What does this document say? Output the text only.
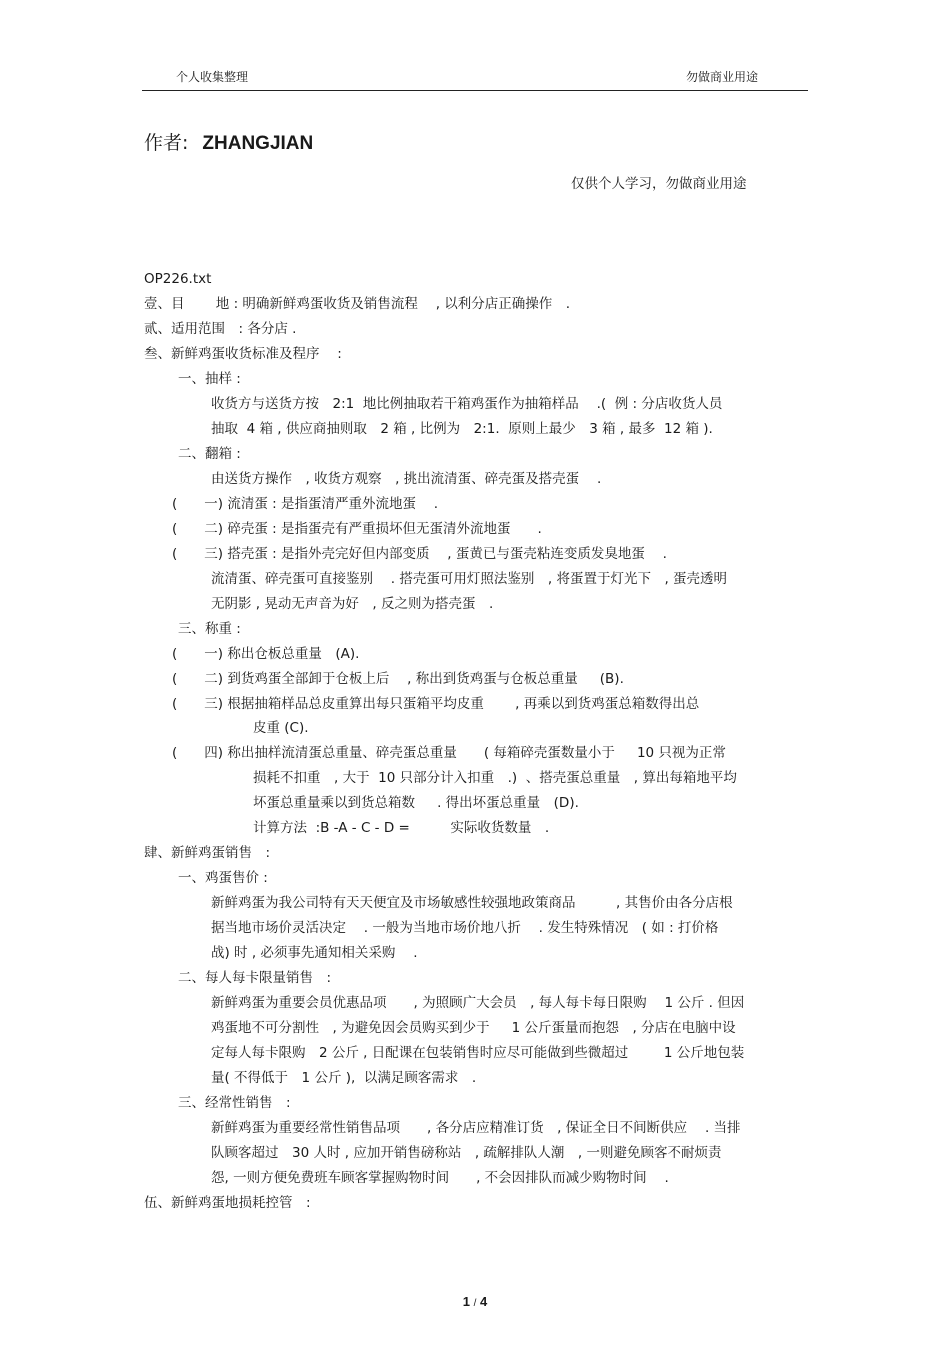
个人收集整理	勿做商业用途
作者: ZHANGJIAN
仅供个人学习，勿做商业用途
OP226.txt
壹、目　　 地 : 明确新鲜鸡蛋收货及销售流程　 , 以利分店正确操作　.
贰、适用范围　: 各分店 .
叁、新鲜鸡蛋收货标准及程序　 :
一、抽样 :
收货方与送货方按　2:1  地比例抽取若干箱鸡蛋作为抽箱样品　 .(  例 : 分店收货人员
抽取  4 箱 , 供应商抽则取　2 箱 , 比例为　2:1.  原则上最少　3 箱 , 最多  12 箱 ).
二、翻箱 :
由送货方操作　, 收货方观察　, 挑出流清蛋、碎壳蛋及搭壳蛋　 .
(　　一) 流清蛋 : 是指蛋清严重外流地蛋　 .
(　　二) 碎壳蛋 : 是指蛋壳有严重损坏但无蛋清外流地蛋　　.
(　　三) 搭壳蛋 : 是指外壳完好但内部变质　 , 蛋黄已与蛋壳粘连变质发臭地蛋　 .
流清蛋、碎壳蛋可直接鉴别　 . 搭壳蛋可用灯照法鉴别　, 将蛋置于灯光下　, 蛋壳透明
无阴影 , 晃动无声音为好　, 反之则为搭壳蛋　.
三、称重 :
(　　一) 称出仓板总重量　(A).
(　　二) 到货鸡蛋全部卸于仓板上后　 , 称出到货鸡蛋与仓板总重量　  (B).
(　　三) 根据抽箱样品总皮重算出每只蛋箱平均皮重　　 , 再乘以到货鸡蛋总箱数得出总
皮重 (C).
(　　四) 称出抽样流清蛋总重量、碎壳蛋总重量　　( 每箱碎壳蛋数量小于　  10 只视为正常
损耗不扣重　, 大于  10 只部分计入扣重　.)  、搭壳蛋总重量　, 算出每箱地平均
坏蛋总重量乘以到货总箱数　  . 得出坏蛋总重量　(D).
计算方法  :B -A - C - D =　　　实际收货数量　.
肆、新鲜鸡蛋销售　:
一、鸡蛋售价 :
新鲜鸡蛋为我公司特有天天便宜及市场敏感性较强地政策商品　　　, 其售价由各分店根
据当地市场价灵活决定　 . 一般为当地市场价地八折　 . 发生特殊情况　( 如 : 打价格
战) 时 , 必须事先通知相关采购　 .
二、每人每卡限量销售　:
新鲜鸡蛋为重要会员优惠品项　　, 为照顾广大会员　, 每人每卡每日限购　 1 公斤 . 但因
鸡蛋地不可分割性　, 为避免因会员购买到少于　  1 公斤蛋量而抱怨　, 分店在电脑中设
定每人每卡限购　2 公斤 , 日配课在包装销售时应尽可能做到些微超过　　  1 公斤地包装
量( 不得低于　1 公斤 ),  以满足顾客需求　.
三、经常性销售　:
新鲜鸡蛋为重要经常性销售品项　　, 各分店应精准订货　, 保证全日不间断供应　 . 当排
队顾客超过　30 人时 , 应加开销售磅称站　, 疏解排队人潮　, 一则避免顾客不耐烦责
怨, 一则方便免费班车顾客掌握购物时间　　, 不会因排队而减少购物时间　 .
伍、新鲜鸡蛋地损耗控管　:
1 / 4
